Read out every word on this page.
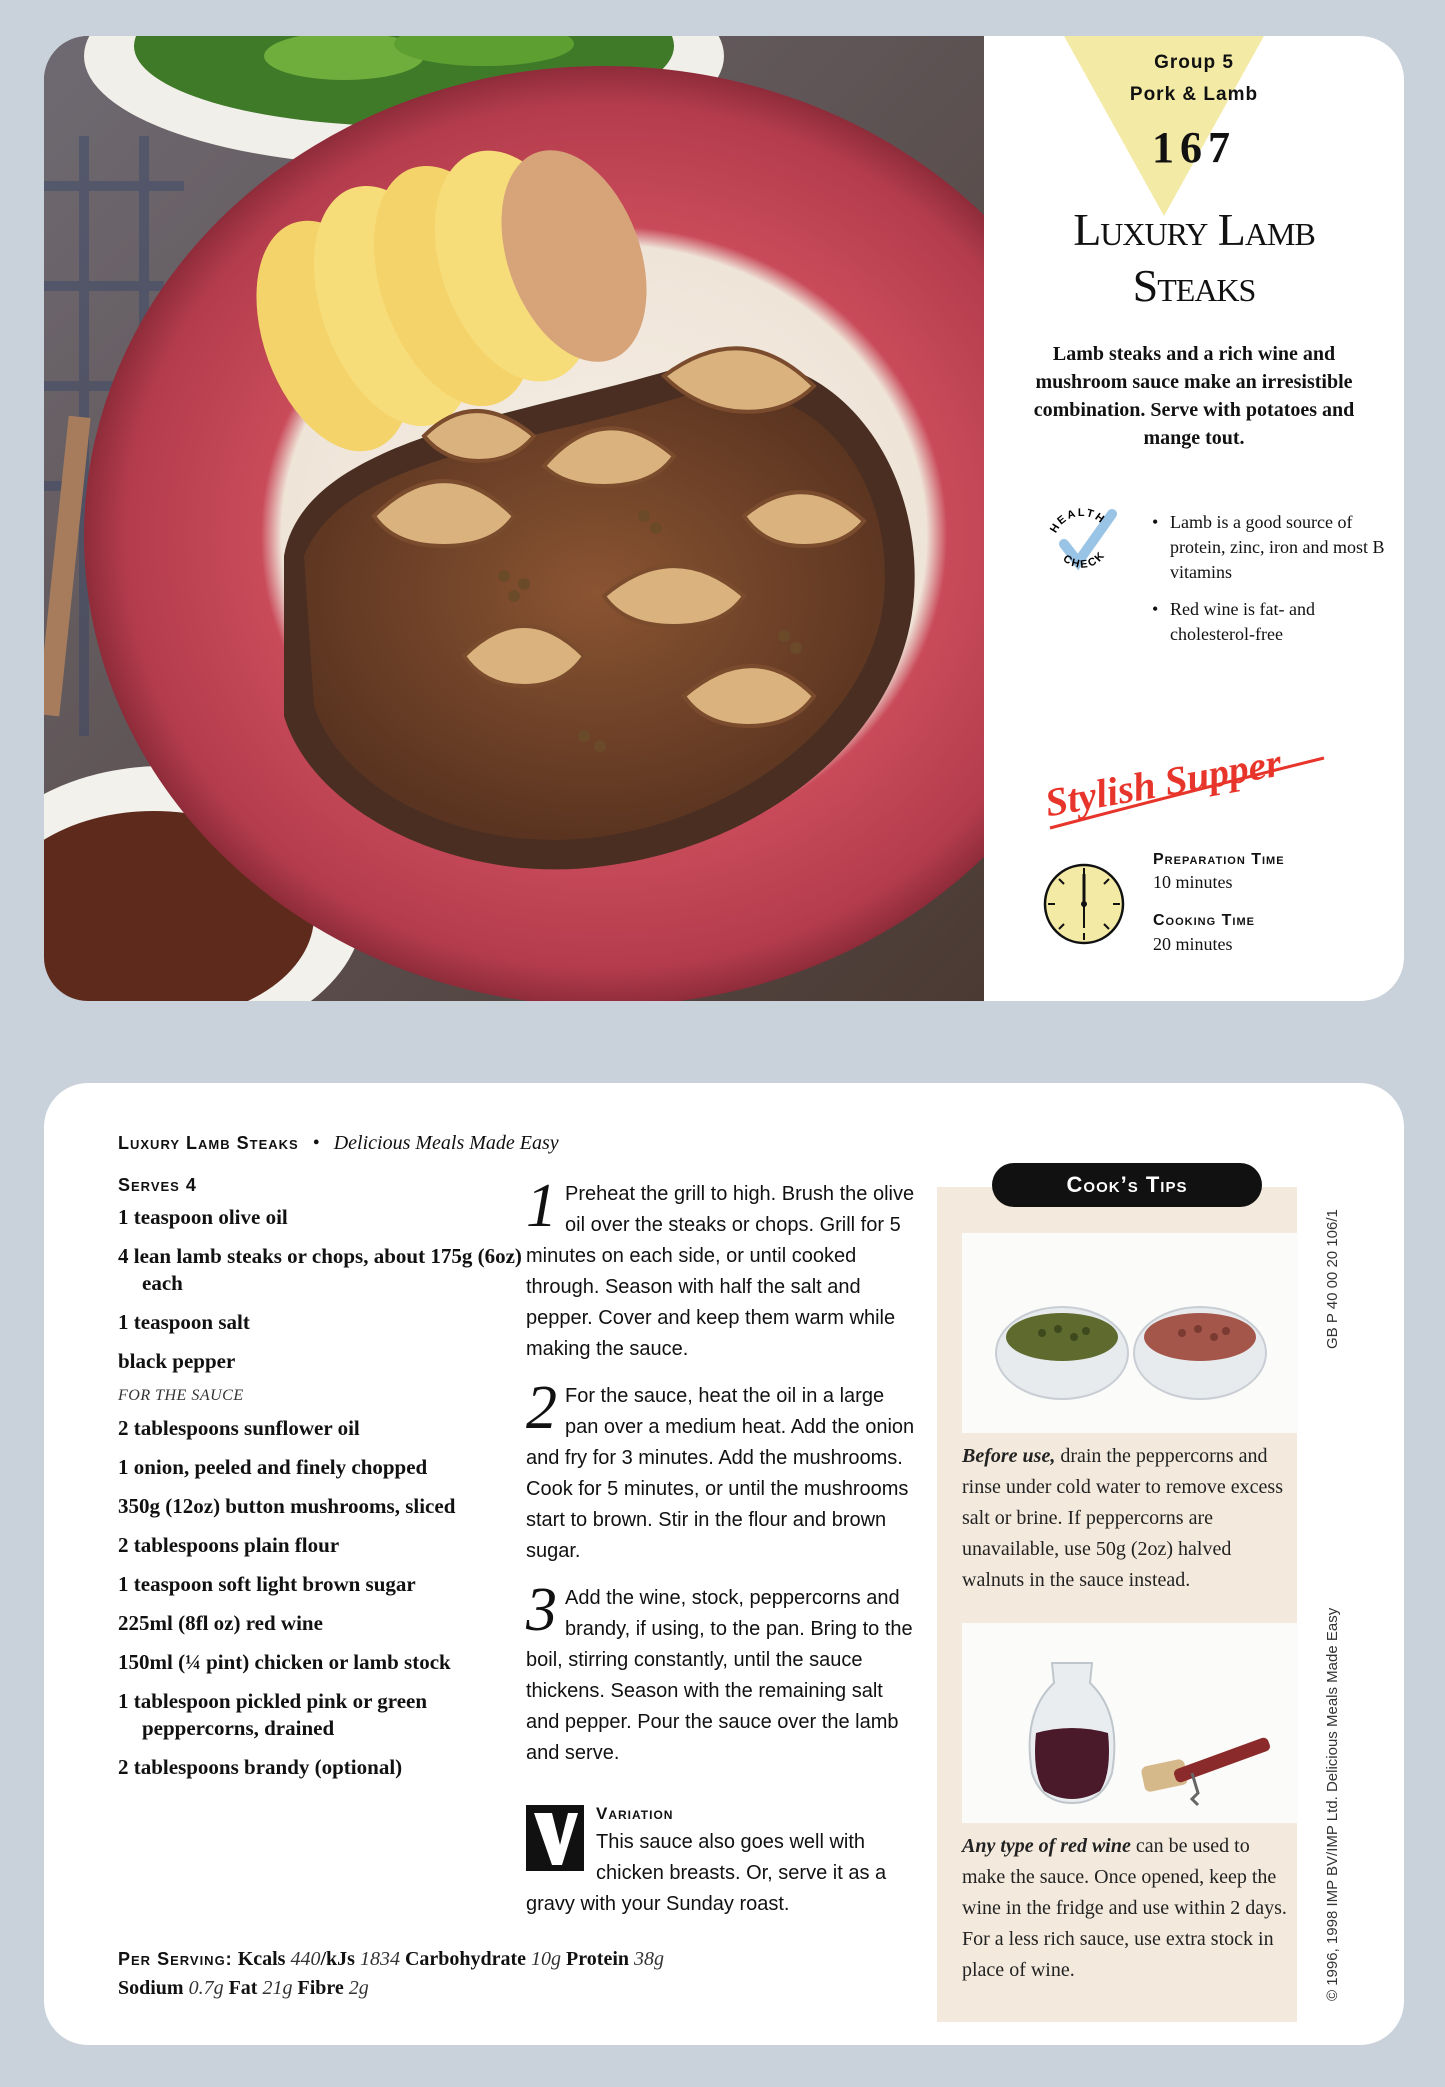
Group 5
Pork & Lamb
167
Luxury Lamb
Steaks
Lamb steaks and a rich wine and mushroom sauce make an irresistible combination. Serve with potatoes and mange tout.
HEALTH
CHECK
• Lamb is a good source of protein, zinc, iron and most B vitamins
• Red wine is fat- and cholesterol-free
Stylish Supper
Preparation Time
10 minutes
Cooking Time
20 minutes
Luxury Lamb Steaks • Delicious Meals Made Easy
Serves 4
1 teaspoon olive oil
4 lean lamb steaks or chops, about 175g (6oz) each
1 teaspoon salt
black pepper
FOR THE SAUCE
2 tablespoons sunflower oil
1 onion, peeled and finely chopped
350g (12oz) button mushrooms, sliced
2 tablespoons plain flour
1 teaspoon soft light brown sugar
225ml (8fl oz) red wine
150ml (¼ pint) chicken or lamb stock
1 tablespoon pickled pink or green peppercorns, drained
2 tablespoons brandy (optional)
1 Preheat the grill to high. Brush the olive oil over the steaks or chops. Grill for 5 minutes on each side, or until cooked through. Season with half the salt and pepper. Cover and keep them warm while making the sauce.
2 For the sauce, heat the oil in a large pan over a medium heat. Add the onion and fry for 3 minutes. Add the mushrooms. Cook for 5 minutes, or until the mushrooms start to brown. Stir in the flour and brown sugar.
3 Add the wine, stock, peppercorns and brandy, if using, to the pan. Bring to the boil, stirring constantly, until the sauce thickens. Season with the remaining salt and pepper. Pour the sauce over the lamb and serve.
Variation
This sauce also goes well with chicken breasts. Or, serve it as a gravy with your Sunday roast.
Cook’s Tips
Before use, drain the peppercorns and rinse under cold water to remove excess salt or brine. If peppercorns are unavailable, use 50g (2oz) halved walnuts in the sauce instead.
Any type of red wine can be used to make the sauce. Once opened, keep the wine in the fridge and use within 2 days. For a less rich sauce, use extra stock in place of wine.
GB P 40 00 20 106/1
© 1996, 1998 IMP BV/IMP Ltd. Delicious Meals Made Easy
Per Serving: Kcals 440/kJs 1834 Carbohydrate 10g Protein 38g
Sodium 0.7g Fat 21g Fibre 2g
